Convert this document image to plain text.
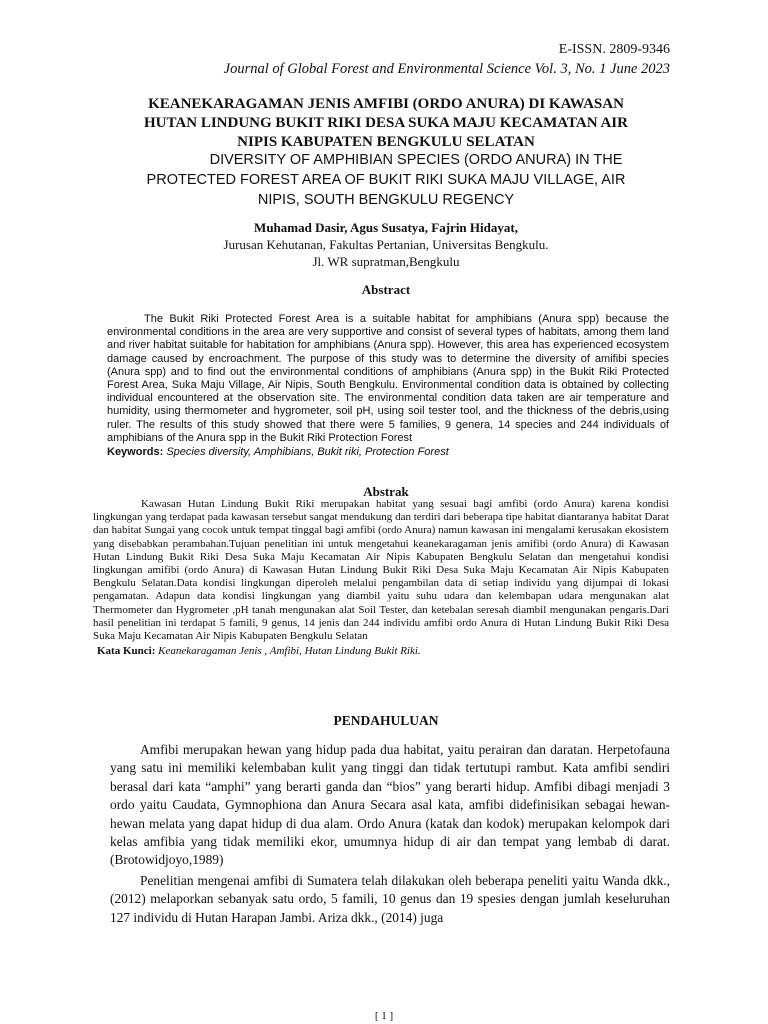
E-ISSN. 2809-9346
Journal of Global Forest and Environmental Science Vol. 3, No. 1 June 2023
KEANEKARAGAMAN JENIS AMFIBI (ORDO ANURA) DI KAWASAN
HUTAN LINDUNG BUKIT RIKI DESA SUKA MAJU KECAMATAN AIR
NIPIS KABUPATEN BENGKULU SELATAN
DIVERSITY OF AMPHIBIAN SPECIES (ORDO ANURA) IN THE
PROTECTED FOREST AREA OF BUKIT RIKI SUKA MAJU VILLAGE, AIR
NIPIS, SOUTH BENGKULU REGENCY
Muhamad Dasir, Agus Susatya, Fajrin Hidayat,
Jurusan Kehutanan, Fakultas Pertanian, Universitas Bengkulu.
Jl. WR supratman,Bengkulu
Abstract

The Bukit Riki Protected Forest Area is a suitable habitat for amphibians (Anura spp) because the environmental conditions in the area are very supportive and consist of several types of habitats, among them land and river habitat suitable for habitation for amphibians (Anura spp). However, this area has experienced ecosystem damage caused by encroachment. The purpose of this study was to determine the diversity of amifibi species (Anura spp) and to find out the environmental conditions of amphibians (Anura spp) in the Bukit Riki Protected Forest Area, Suka Maju Village, Air Nipis, South Bengkulu. Environmental condition data is obtained by collecting individual encountered at the observation site. The environmental condition data taken are air temperature and humidity, using thermometer and hygrometer, soil pH, using soil tester tool, and the thickness of the debris,using ruler. The results of this study showed that there were 5 families, 9 genera, 14 species and 244 individuals of amphibians of the Anura spp in the Bukit Riki Protection Forest

Keywords: Species diversity, Amphibians, Bukit riki, Protection Forest
Abstrak

Kawasan Hutan Lindung Bukit Riki merupakan habitat yang sesuai bagi amfibi (ordo Anura) karena kondisi lingkungan yang terdapat pada kawasan tersebut sangat mendukung dan terdiri dari beberapa tipe habitat diantaranya habitat Darat dan habitat Sungai yang cocok untuk tempat tinggal bagi amfibi (ordo Anura) namun kawasan ini mengalami kerusakan ekosistem yang disebabkan perambahan.Tujuan penelitian ini untuk mengetahui keanekaragaman jenis amifibi (ordo Anura) di Kawasan Hutan Lindung Bukit Riki Desa Suka Maju Kecamatan Air Nipis Kabupaten Bengkulu Selatan dan mengetahui kondisi lingkungan amifibi (ordo Anura) di Kawasan Hutan Lindung Bukit Riki Desa Suka Maju Kecamatan Air Nipis Kabupaten Bengkulu Selatan.Data kondisi lingkungan diperoleh melalui pengambilan data di setiap individu yang dijumpai di lokasi pengamatan. Adapun data kondisi lingkungan yang diambil yaitu suhu udara dan kelembapan udara mengunakan alat Thermometer dan Hygrometer ,pH tanah mengunakan alat Soil Tester, dan ketebalan seresah diambil mengunakan pengaris.Dari hasil penelitian ini terdapat 5 famili, 9 genus, 14 jenis dan 244 individu amfibi ordo Anura di Hutan Lindung Bukit Riki Desa Suka Maju Kecamatan Air Nipis Kabupaten Bengkulu Selatan

Kata Kunci: Keanekaragaman Jenis , Amfibi, Hutan Lindung Bukit Riki.
PENDAHULUAN

Amfibi merupakan hewan yang hidup pada dua habitat, yaitu perairan dan daratan. Herpetofauna yang satu ini memiliki kelembaban kulit yang tinggi dan tidak tertutupi rambut. Kata amfibi sendiri berasal dari kata “amphi” yang berarti ganda dan “bios” yang berarti hidup. Amfibi dibagi menjadi 3 ordo yaitu Caudata, Gymnophiona dan Anura Secara asal kata, amfibi didefinisikan sebagai hewan-hewan melata yang dapat hidup di dua alam. Ordo Anura (katak dan kodok) merupakan kelompok dari kelas amfibia yang tidak memiliki ekor, umumnya hidup di air dan tempat yang lembab di darat. (Brotowidjoyo,1989)

Penelitian mengenai amfibi di Sumatera telah dilakukan oleh beberapa peneliti yaitu Wanda dkk., (2012) melaporkan sebanyak satu ordo, 5 famili, 10 genus dan 19 spesies dengan jumlah keseluruhan 127 individu di Hutan Harapan Jambi. Ariza dkk., (2014) juga

[ 1 ]
